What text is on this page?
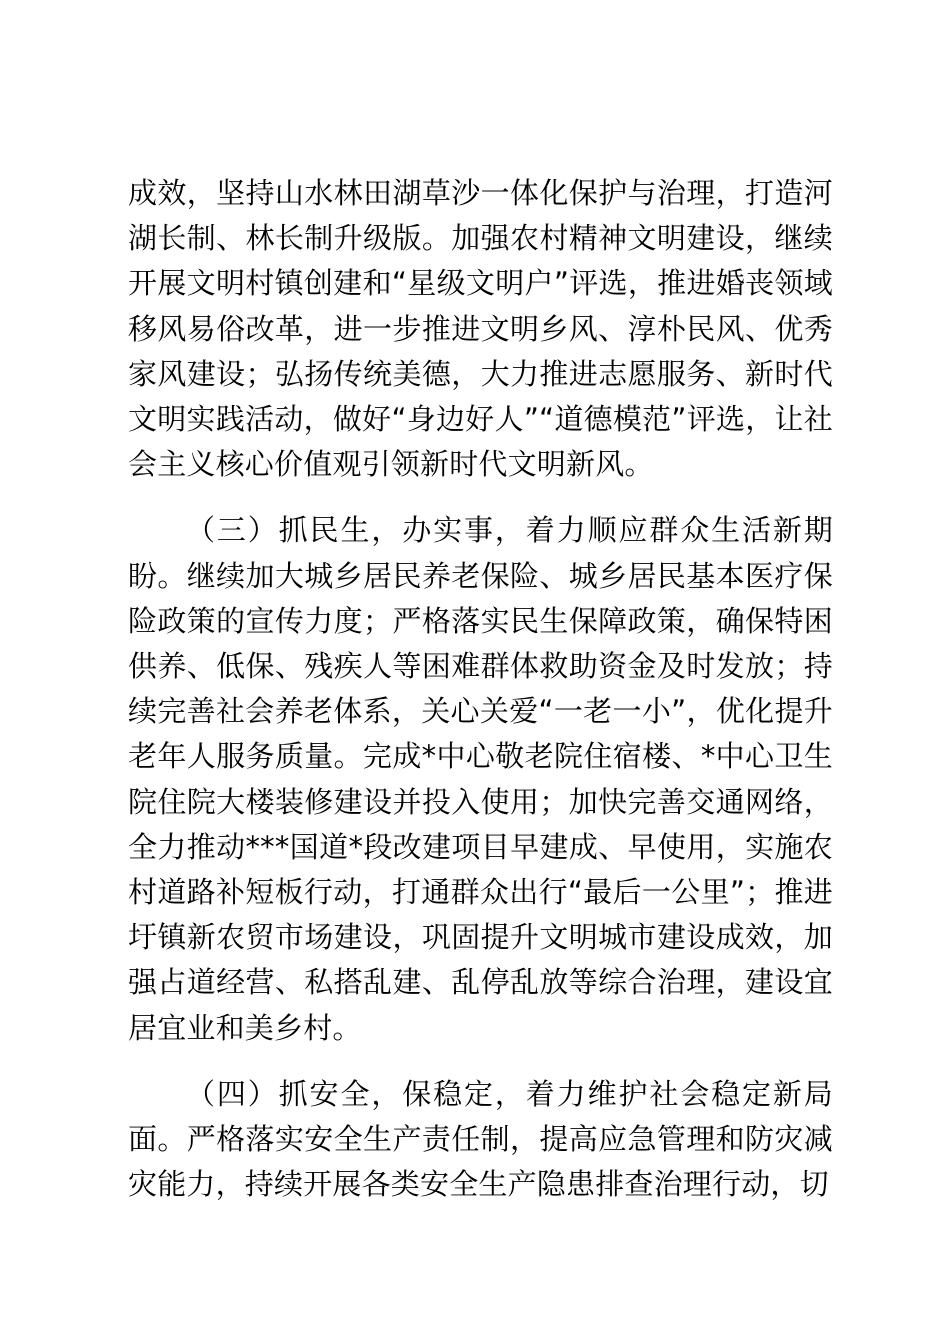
成效，坚持山水林田湖草沙一体化保护与治理，打造河湖长制、林长制升级版。加强农村精神文明建设，继续开展文明村镇创建和“星级文明户”评选，推进婚丧领域移风易俗改革，进一步推进文明乡风、淳朴民风、优秀家风建设；弘扬传统美德，大力推进志愿服务、新时代文明实践活动，做好“身边好人”“道德模范”评选，让社会主义核心价值观引领新时代文明新风。

（三）抓民生，办实事，着力顺应群众生活新期盼。继续加大城乡居民养老保险、城乡居民基本医疗保险政策的宣传力度；严格落实民生保障政策，确保特困供养、低保、残疾人等困难群体救助资金及时发放；持续完善社会养老体系，关心关爱“一老一小”，优化提升老年人服务质量。完成*中心敬老院住宿楼、*中心卫生院住院大楼装修建设并投入使用；加快完善交通网络，全力推动***国道*段改建项目早建成、早使用，实施农村道路补短板行动，打通群众出行“最后一公里”；推进圩镇新农贸市场建设，巩固提升文明城市建设成效，加强占道经营、私搭乱建、乱停乱放等综合治理，建设宜居宜业和美乡村。

（四）抓安全，保稳定，着力维护社会稳定新局面。严格落实安全生产责任制，提高应急管理和防灾减灾能力，持续开展各类安全生产隐患排查治理行动，切
